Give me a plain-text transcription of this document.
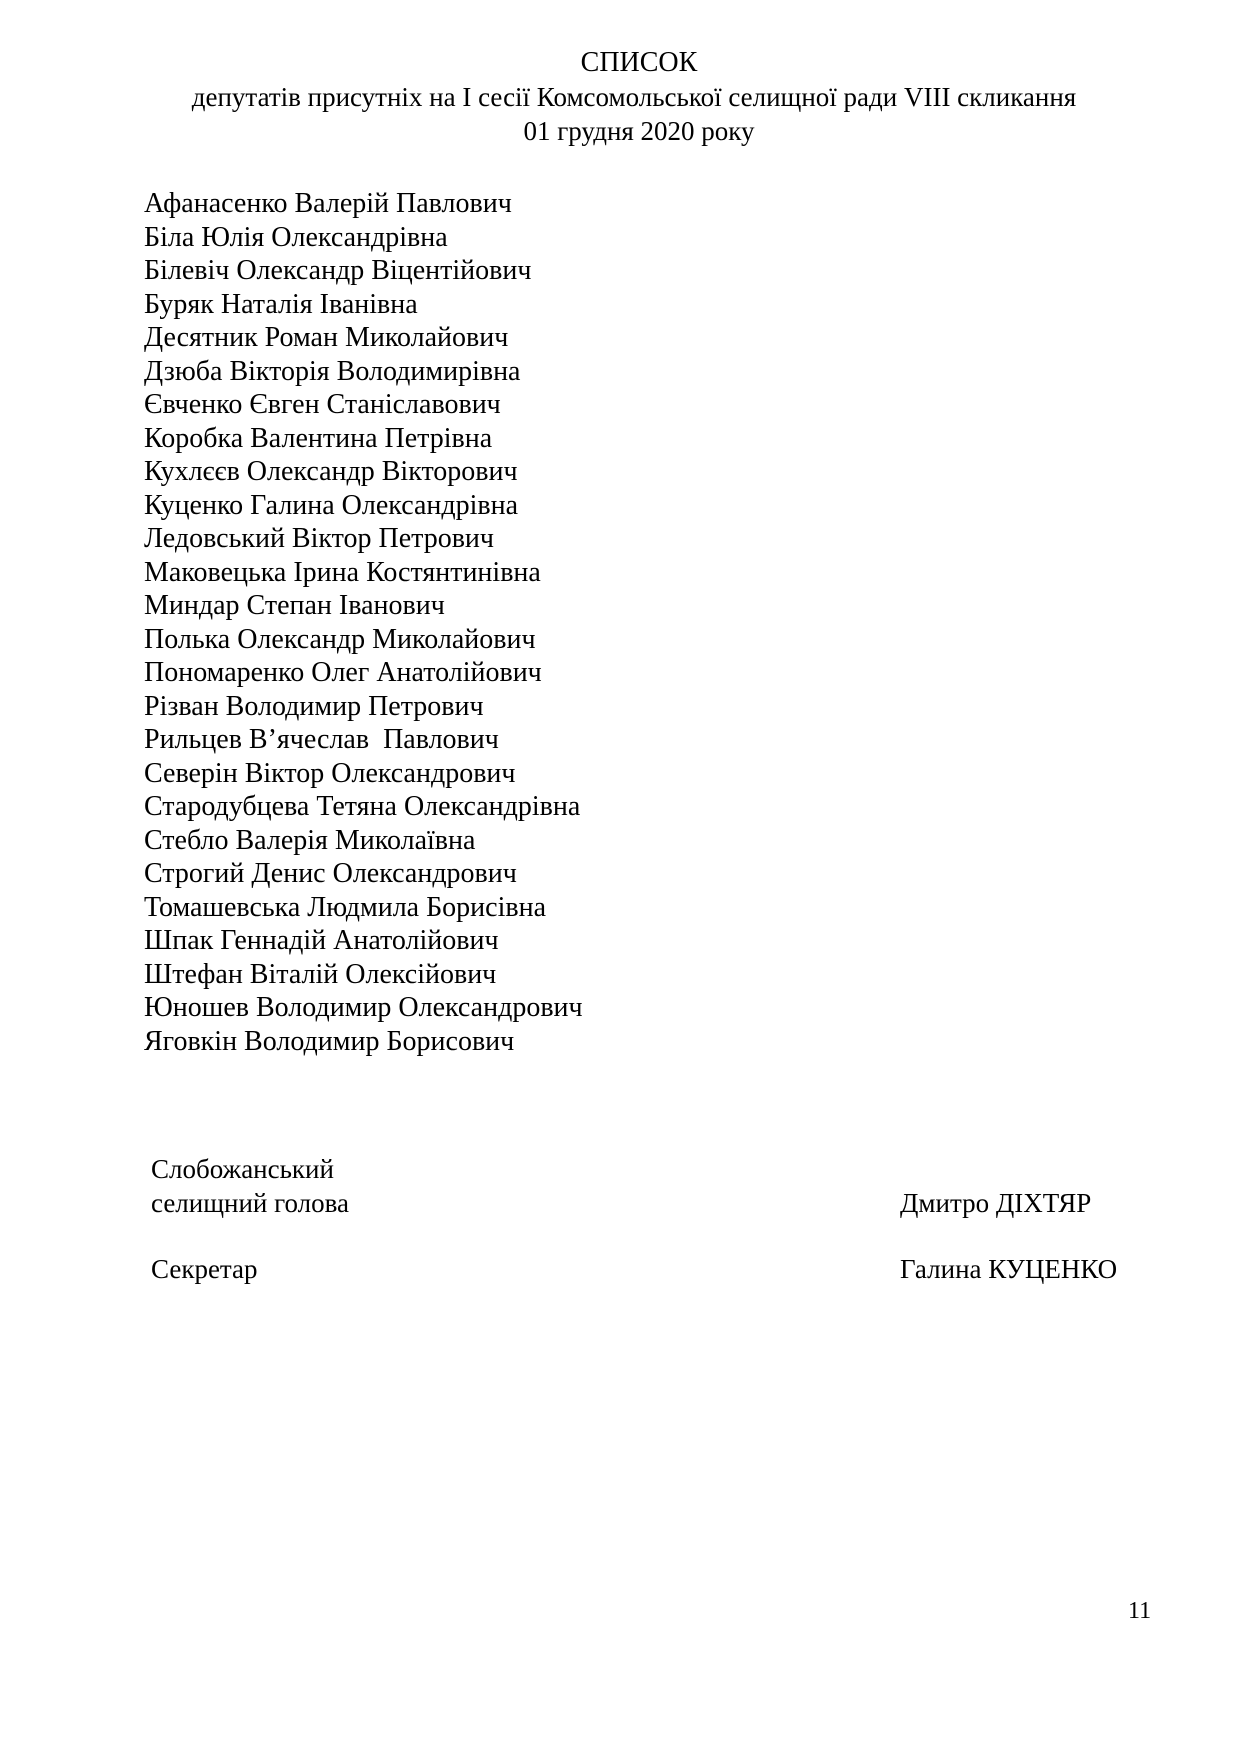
СПИСОК
депутатів присутніх на І сесії Комсомольської селищної ради VIII скликання
01 грудня 2020 року
Афанасенко Валерій Павлович
Біла Юлія Олександрівна
Білевіч Олександр Віцентійович
Буряк Наталія Іванівна
Десятник Роман Миколайович
Дзюба Вікторія Володимирівна
Євченко Євген Станіславович
Коробка Валентина Петрівна
Кухлєєв Олександр Вікторович
Куценко Галина Олександрівна
Ледовський Віктор Петрович
Маковецька Ірина Костянтинівна
Миндар Степан Іванович
Полька Олександр Миколайович
Пономаренко Олег Анатолійович
Різван Володимир Петрович
Рильцев В’ячеслав  Павлович
Северін Віктор Олександрович
Стародубцева Тетяна Олександрівна
Стебло Валерія Миколаївна
Строгий Денис Олександрович
Томашевська Людмила Борисівна
Шпак Геннадій Анатолійович
Штефан Віталій Олексійович
Юношев Володимир Олександрович
Яговкін Володимир Борисович
Слобожанський
селищний голова	Дмитро ДІХТЯР
Секретар	Галина КУЦЕНКО
11
